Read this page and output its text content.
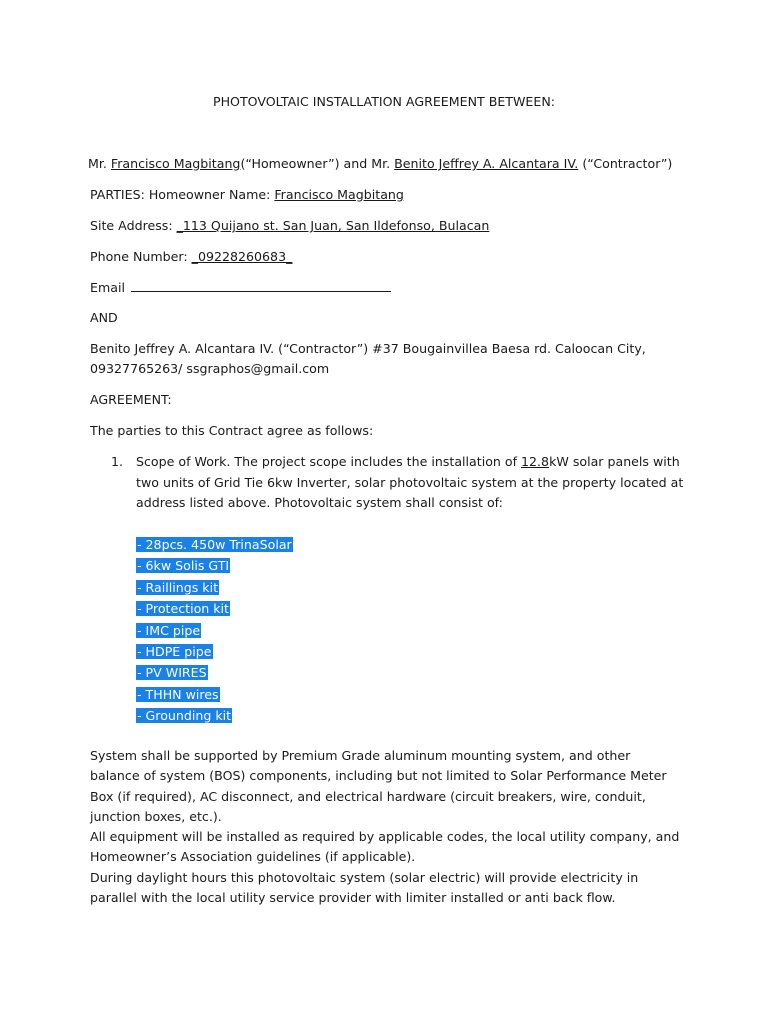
PHOTOVOLTAIC INSTALLATION AGREEMENT BETWEEN:
Mr. Francisco Magbitang(“Homeowner”) and Mr. Benito Jeffrey A. Alcantara IV. (“Contractor”)
PARTIES: Homeowner Name: Francisco Magbitang
Site Address: _113 Quijano st. San Juan, San Ildefonso, Bulacan
Phone Number: _09228260683_
Email
AND
Benito Jeffrey A. Alcantara IV. (“Contractor”) #37 Bougainvillea Baesa rd. Caloocan City,
09327765263/ ssgraphos@gmail.com
AGREEMENT:
The parties to this Contract agree as follows:
1. Scope of Work. The project scope includes the installation of 12.8kW solar panels with two units of Grid Tie 6kw Inverter, solar photovoltaic system at the property located at address listed above. Photovoltaic system shall consist of:
- 28pcs. 450w TrinaSolar
- 6kw Solis GTI
- Raillings kit
- Protection kit
- IMC pipe
- HDPE pipe
- PV WIRES
- THHN wires
- Grounding kit
System shall be supported by Premium Grade aluminum mounting system, and other balance of system (BOS) components, including but not limited to Solar Performance Meter Box (if required), AC disconnect, and electrical hardware (circuit breakers, wire, conduit, junction boxes, etc.).
All equipment will be installed as required by applicable codes, the local utility company, and Homeowner’s Association guidelines (if applicable).
During daylight hours this photovoltaic system (solar electric) will provide electricity in parallel with the local utility service provider with limiter installed or anti back flow.
